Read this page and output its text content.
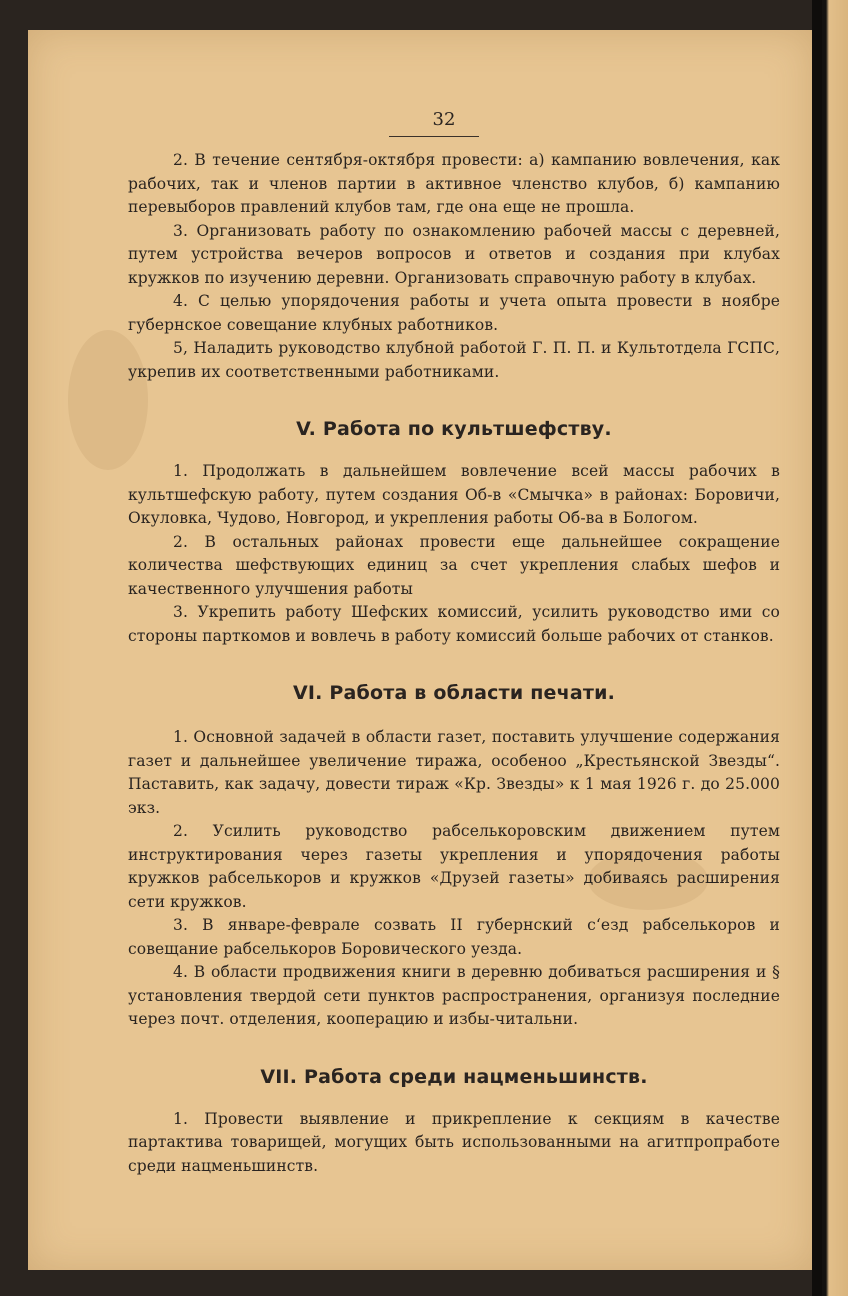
32

2. В течение сентября-октября провести: а) кампанию вовлечения, как рабочих, так и членов партии в активное членство клубов, б) кампанию перевыборов правлений клубов там, где она еще не прошла.

3. Организовать работу по ознакомлению рабочей массы с деревней, путем устройства вечеров вопросов и ответов и создания при клубах кружков по изучению деревни. Организовать справочную работу в клубах.

4. С целью упорядочения работы и учета опыта провести в ноябре губернское совещание клубных работников.

5, Наладить руководство клубной работой Г. П. П. и Культотдела ГСПС, укрепив их соответственными работниками.

V. Работа по культшефству.

1. Продолжать в дальнейшем вовлечение всей массы рабочих в культшефскую работу, путем создания Об-в «Смычка» в районах: Боровичи, Окуловка, Чудово, Новгород, и укрепления работы Об-ва в Бологом.

2. В остальных районах провести еще дальнейшее сокращение количества шефствующих единиц за счет укрепления слабых шефов и качественного улучшения работы

3. Укрепить работу Шефских комиссий, усилить руководство ими со стороны парткомов и вовлечь в работу комиссий больше рабочих от станков.

VI. Работа в области печати.

1. Основной задачей в области газет, поставить улучшение содержания газет и дальнейшее увеличение тиража, особеноо „Крестьянской Звезды“. Паставить, как задачу, довести тираж «Кр. Звезды» к 1 мая 1926 г. до 25.000 экз.

2. Усилить руководство рабселькоровским движением путем инструктирования через газеты укрепления и упорядочения работы кружков рабселькоров и кружков «Друзей газеты» добиваясь расширения сети кружков.

3. В январе-феврале созвать II губернский с‘езд рабселькоров и совещание рабселькоров Боровического уезда.

4. В области продвижения книги в деревню добиваться расширения и § установления твердой сети пунктов распространения, организуя последние через почт. отделения, кооперацию и избы-читальни.

VII. Работа среди нацменьшинств.

1. Провести выявление и прикрепление к секциям в качестве партактива товарищей, могущих быть использованными на агитпропработе среди нацменьшинств.
